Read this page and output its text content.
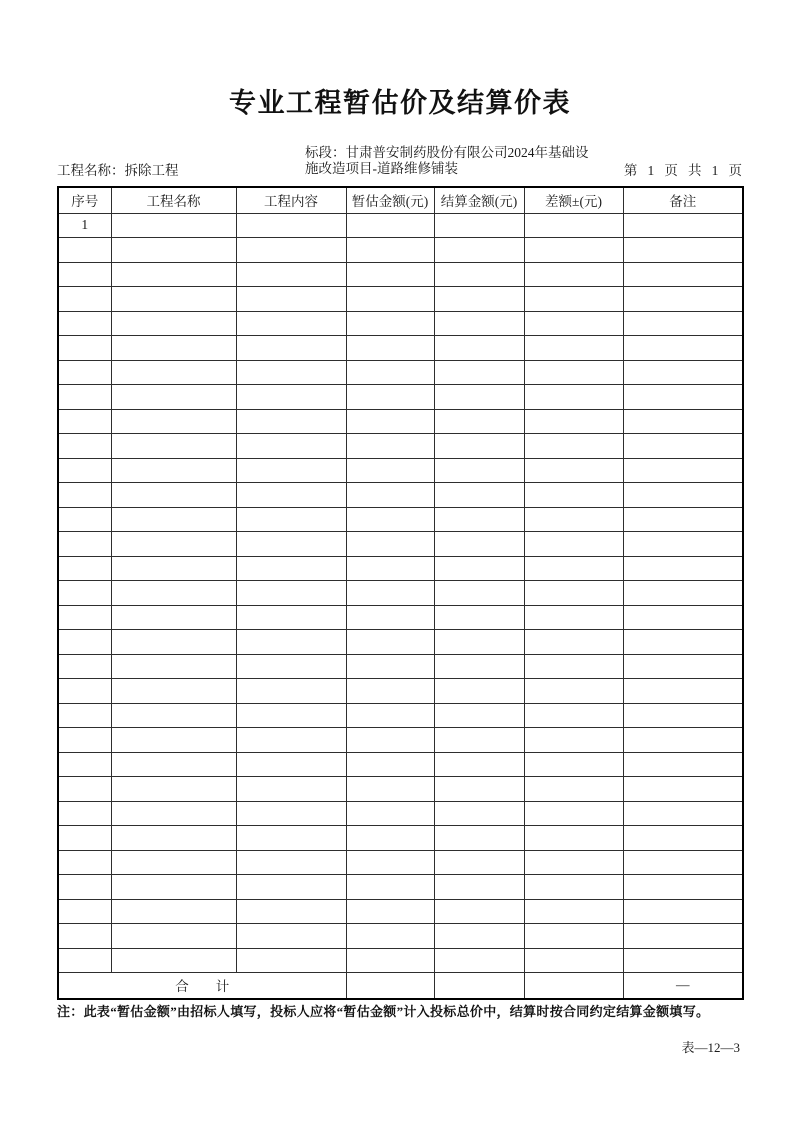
专业工程暂估价及结算价表
工程名称：拆除工程
标段：甘肃普安制药股份有限公司2024年基础设
施改造项目-道路维修铺装	第   1   页   共   1   页
序号	工程名称	工程内容	暂估金额(元)	结算金额(元)	差额±(元)	备注
1						

合　　计						—
注：此表“暂估金额”由招标人填写，投标人应将“暂估金额”计入投标总价中，结算时按合同约定结算金额填写。
表—12—3
